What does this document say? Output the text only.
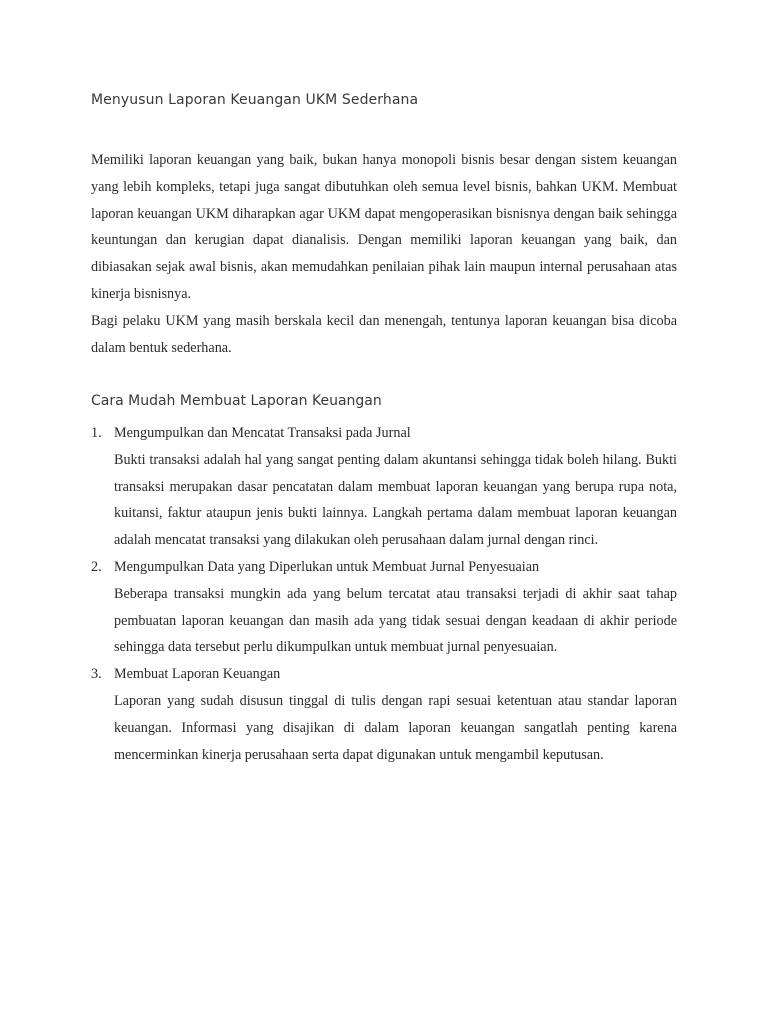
Menyusun Laporan Keuangan UKM Sederhana

Memiliki laporan keuangan yang baik, bukan hanya monopoli bisnis besar dengan sistem keuangan yang lebih kompleks, tetapi juga sangat dibutuhkan oleh semua level bisnis, bahkan UKM. Membuat laporan keuangan UKM diharapkan agar UKM dapat mengoperasikan bisnisnya dengan baik sehingga keuntungan dan kerugian dapat dianalisis. Dengan memiliki laporan keuangan yang baik, dan dibiasakan sejak awal bisnis, akan memudahkan penilaian pihak lain maupun internal perusahaan atas kinerja bisnisnya.

Bagi pelaku UKM yang masih berskala kecil dan menengah, tentunya laporan keuangan bisa dicoba dalam bentuk sederhana.

Cara Mudah Membuat Laporan Keuangan
1. Mengumpulkan dan Mencatat Transaksi pada Jurnal

Bukti transaksi adalah hal yang sangat penting dalam akuntansi sehingga tidak boleh hilang. Bukti transaksi merupakan dasar pencatatan dalam membuat laporan keuangan yang berupa rupa nota, kuitansi, faktur ataupun jenis bukti lainnya. Langkah pertama dalam membuat laporan keuangan adalah mencatat transaksi yang dilakukan oleh perusahaan dalam jurnal dengan rinci.

2. Mengumpulkan Data yang Diperlukan untuk Membuat Jurnal Penyesuaian

Beberapa transaksi mungkin ada yang belum tercatat atau transaksi terjadi di akhir saat tahap pembuatan laporan keuangan dan masih ada yang tidak sesuai dengan keadaan di akhir periode sehingga data tersebut perlu dikumpulkan untuk membuat jurnal penyesuaian.

3. Membuat Laporan Keuangan

Laporan yang sudah disusun tinggal di tulis dengan rapi sesuai ketentuan atau standar laporan keuangan. Informasi yang disajikan di dalam laporan keuangan sangatlah penting karena mencerminkan kinerja perusahaan serta dapat digunakan untuk mengambil keputusan.
